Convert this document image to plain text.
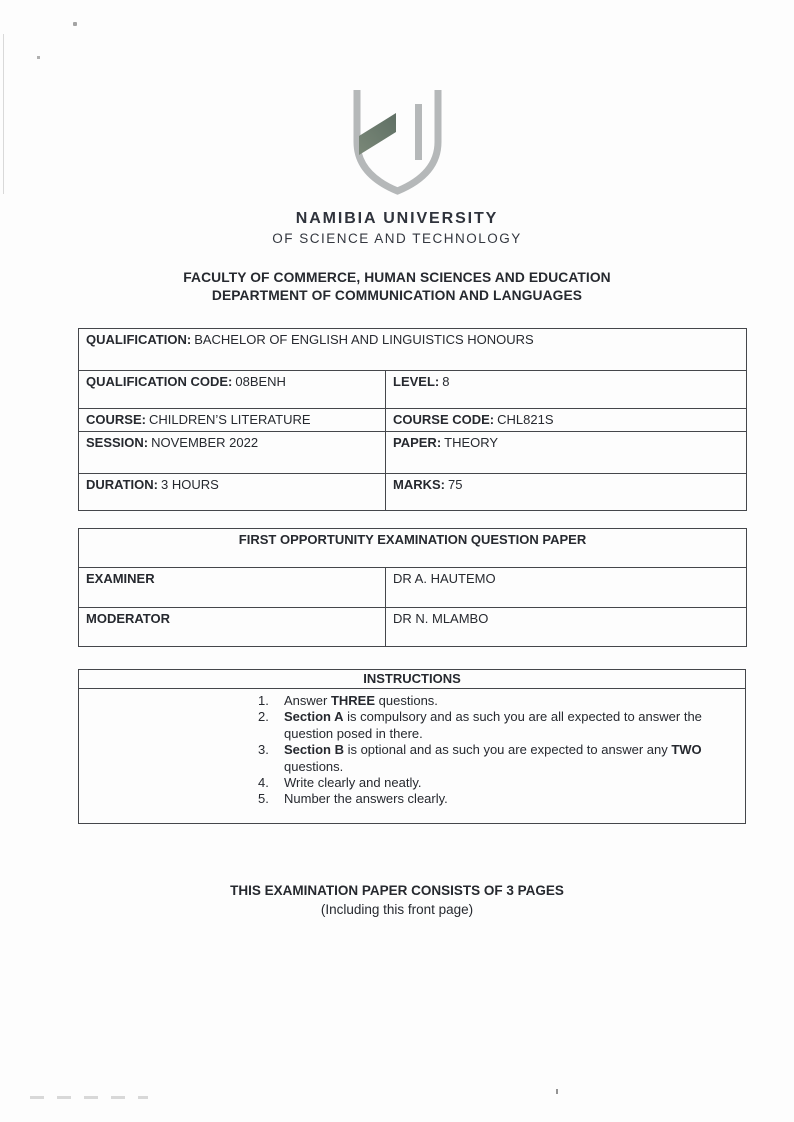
NAMIBIA UNIVERSITY
OF SCIENCE AND TECHNOLOGY
FACULTY OF COMMERCE, HUMAN SCIENCES AND EDUCATION
DEPARTMENT OF COMMUNICATION AND LANGUAGES
QUALIFICATION: BACHELOR OF ENGLISH AND LINGUISTICS HONOURS	
QUALIFICATION CODE: 08BENH	LEVEL: 8
COURSE: CHILDREN’S LITERATURE	COURSE CODE: CHL821S
SESSION: NOVEMBER 2022	PAPER: THEORY
DURATION: 3 HOURS	MARKS: 75
FIRST OPPORTUNITY EXAMINATION QUESTION PAPER	
EXAMINER	DR A. HAUTEMO
MODERATOR	DR N. MLAMBO
INSTRUCTIONS

1.	Answer THREE questions.
2.	Section A is compulsory and as such you are all expected to answer the
question posed in there.
3.	Section B is optional and as such you are expected to answer any TWO
questions.
4.	Write clearly and neatly.
5.	Number the answers clearly.
THIS EXAMINATION PAPER CONSISTS OF 3 PAGES
(Including this front page)
